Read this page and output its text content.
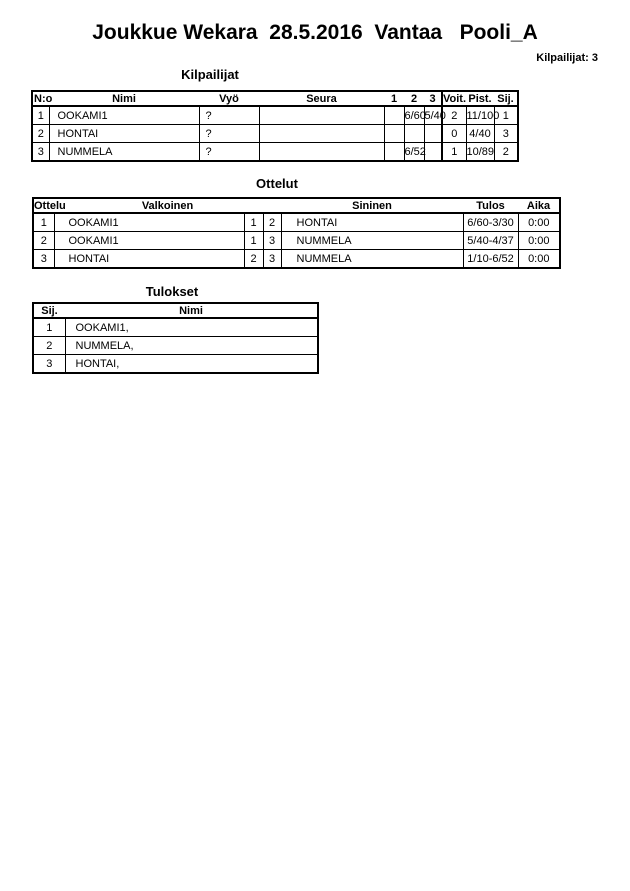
Joukkue Wekara  28.5.2016  Vantaa   Pooli_A
Kilpailijat: 3
Kilpailijat
N:o	Nimi	Vyö	Seura	1	2	3	Voit.	Pist.	Sij.
1	OOKAMI1	?			6/60	5/40	2	11/100	1
2	HONTAI	?					0	4/40	3
3	NUMMELA	?			6/52		1	10/89	2
Ottelut
Ottelu	Valkoinen			Sininen	Tulos	Aika
1	OOKAMI1	1	2	HONTAI	6/60-3/30	0:00
2	OOKAMI1	1	3	NUMMELA	5/40-4/37	0:00
3	HONTAI	2	3	NUMMELA	1/10-6/52	0:00
Tulokset
Sij.	Nimi
1	OOKAMI1,
2	NUMMELA,
3	HONTAI,
